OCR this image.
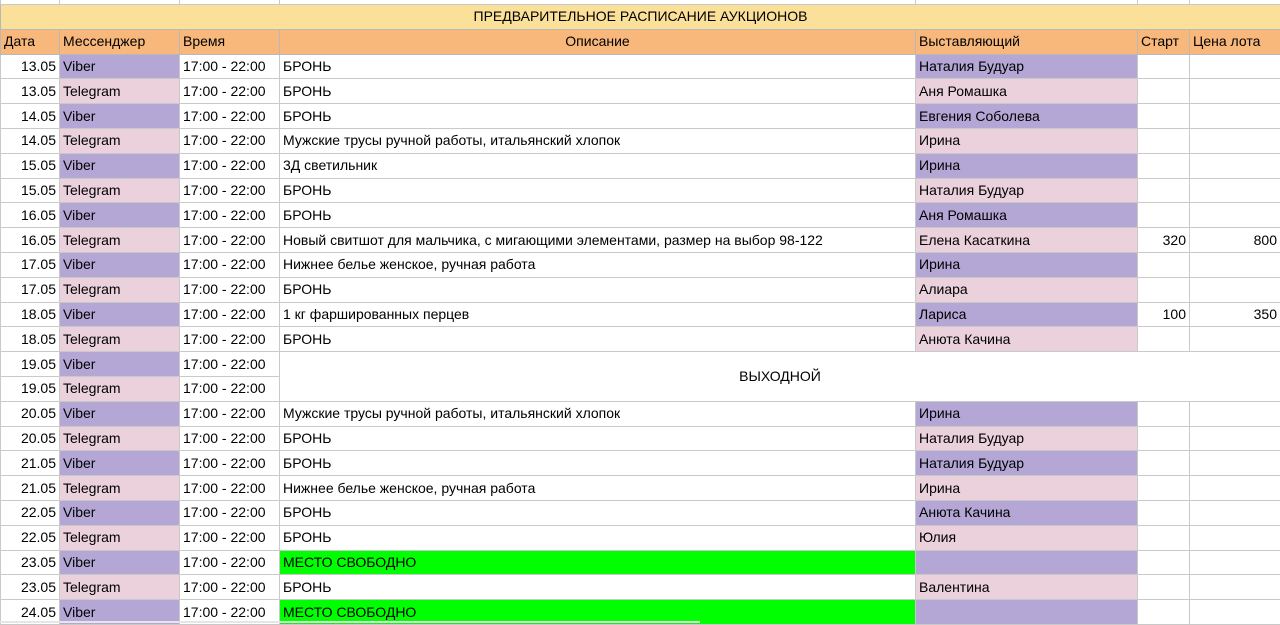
ПРЕДВАРИТЕЛЬНОЕ РАСПИСАНИЕ АУКЦИОНОВ						
Дата	Мессенджер	Время	Описание	Выставляющий	Старт	Цена лота
13.05	Viber	17:00 - 22:00	БРОНЬ	Наталия Будуар		
13.05	Telegram	17:00 - 22:00	БРОНЬ	Аня Ромашка		
14.05	Viber	17:00 - 22:00	БРОНЬ	Евгения Соболева		
14.05	Telegram	17:00 - 22:00	Мужские трусы ручной работы, итальянский хлопок	Ирина		
15.05	Viber	17:00 - 22:00	3Д светильник	Ирина		
15.05	Telegram	17:00 - 22:00	БРОНЬ	Наталия Будуар		
16.05	Viber	17:00 - 22:00	БРОНЬ	Аня Ромашка		
16.05	Telegram	17:00 - 22:00	Новый свитшот для мальчика, с мигающими элементами, размер на выбор 98-122	Елена Касаткина	320	800
17.05	Viber	17:00 - 22:00	Нижнее белье женское, ручная работа	Ирина		
17.05	Telegram	17:00 - 22:00	БРОНЬ	Алиара		
18.05	Viber	17:00 - 22:00	1 кг фаршированных перцев	Лариса	100	350
18.05	Telegram	17:00 - 22:00	БРОНЬ	Анюта Качина		
19.05	Viber	17:00 - 22:00	ВЫХОДНОЙ			
19.05	Telegram	17:00 - 22:00				
20.05	Viber	17:00 - 22:00	Мужские трусы ручной работы, итальянский хлопок	Ирина		
20.05	Telegram	17:00 - 22:00	БРОНЬ	Наталия Будуар		
21.05	Viber	17:00 - 22:00	БРОНЬ	Наталия Будуар		
21.05	Telegram	17:00 - 22:00	Нижнее белье женское, ручная работа	Ирина		
22.05	Viber	17:00 - 22:00	БРОНЬ	Анюта Качина		
22.05	Telegram	17:00 - 22:00	БРОНЬ	Юлия		
23.05	Viber	17:00 - 22:00	МЕСТО СВОБОДНО			
23.05	Telegram	17:00 - 22:00	БРОНЬ	Валентина		
24.05	Viber	17:00 - 22:00	МЕСТО СВОБОДНО			
